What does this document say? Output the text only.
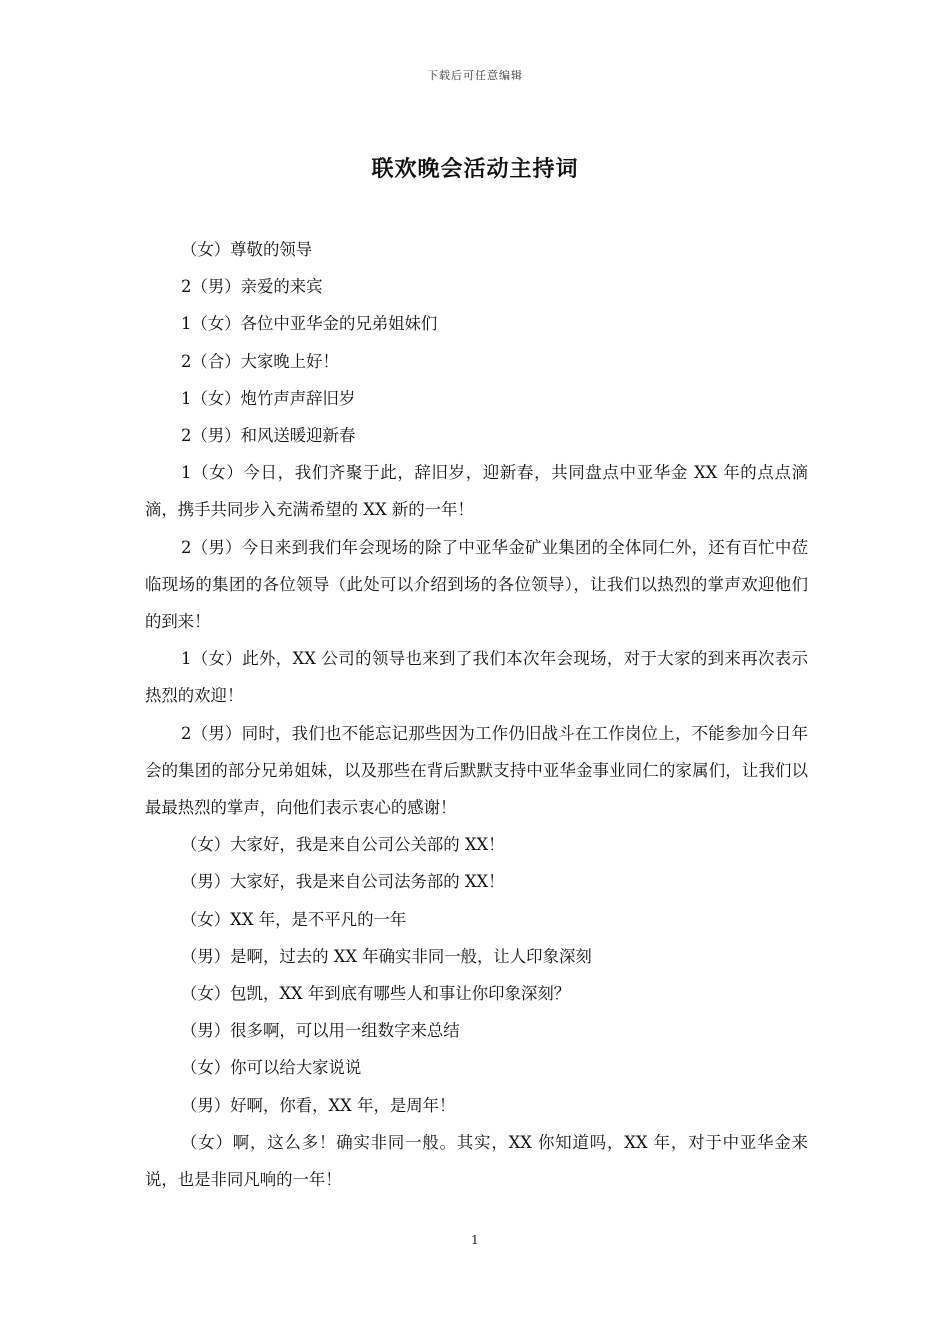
下载后可任意编辑
联欢晚会活动主持词

（女）尊敬的领导

2（男）亲爱的来宾

1（女）各位中亚华金的兄弟姐妹们

2（合）大家晚上好！

1（女）炮竹声声辞旧岁

2（男）和风送暖迎新春

1（女）今日，我们齐聚于此，辞旧岁，迎新春，共同盘点中亚华金 XX 年的点点滴滴，携手共同步入充满希望的 XX 新的一年！

2（男）今日来到我们年会现场的除了中亚华金矿业集团的全体同仁外，还有百忙中莅临现场的集团的各位领导（此处可以介绍到场的各位领导），让我们以热烈的掌声欢迎他们的到来！

1（女）此外，XX 公司的领导也来到了我们本次年会现场，对于大家的到来再次表示热烈的欢迎！

2（男）同时，我们也不能忘记那些因为工作仍旧战斗在工作岗位上，不能参加今日年会的集团的部分兄弟姐妹，以及那些在背后默默支持中亚华金事业同仁的家属们，让我们以最最热烈的掌声，向他们表示衷心的感谢！

（女）大家好，我是来自公司公关部的 XX！

（男）大家好，我是来自公司法务部的 XX！

（女）XX 年，是不平凡的一年

（男）是啊，过去的 XX 年确实非同一般，让人印象深刻

（女）包凯，XX 年到底有哪些人和事让你印象深刻？

（男）很多啊，可以用一组数字来总结

（女）你可以给大家说说

（男）好啊，你看，XX 年，是周年！

（女）啊，这么多！确实非同一般。其实，XX 你知道吗，XX 年，对于中亚华金来说，也是非同凡响的一年！

1
